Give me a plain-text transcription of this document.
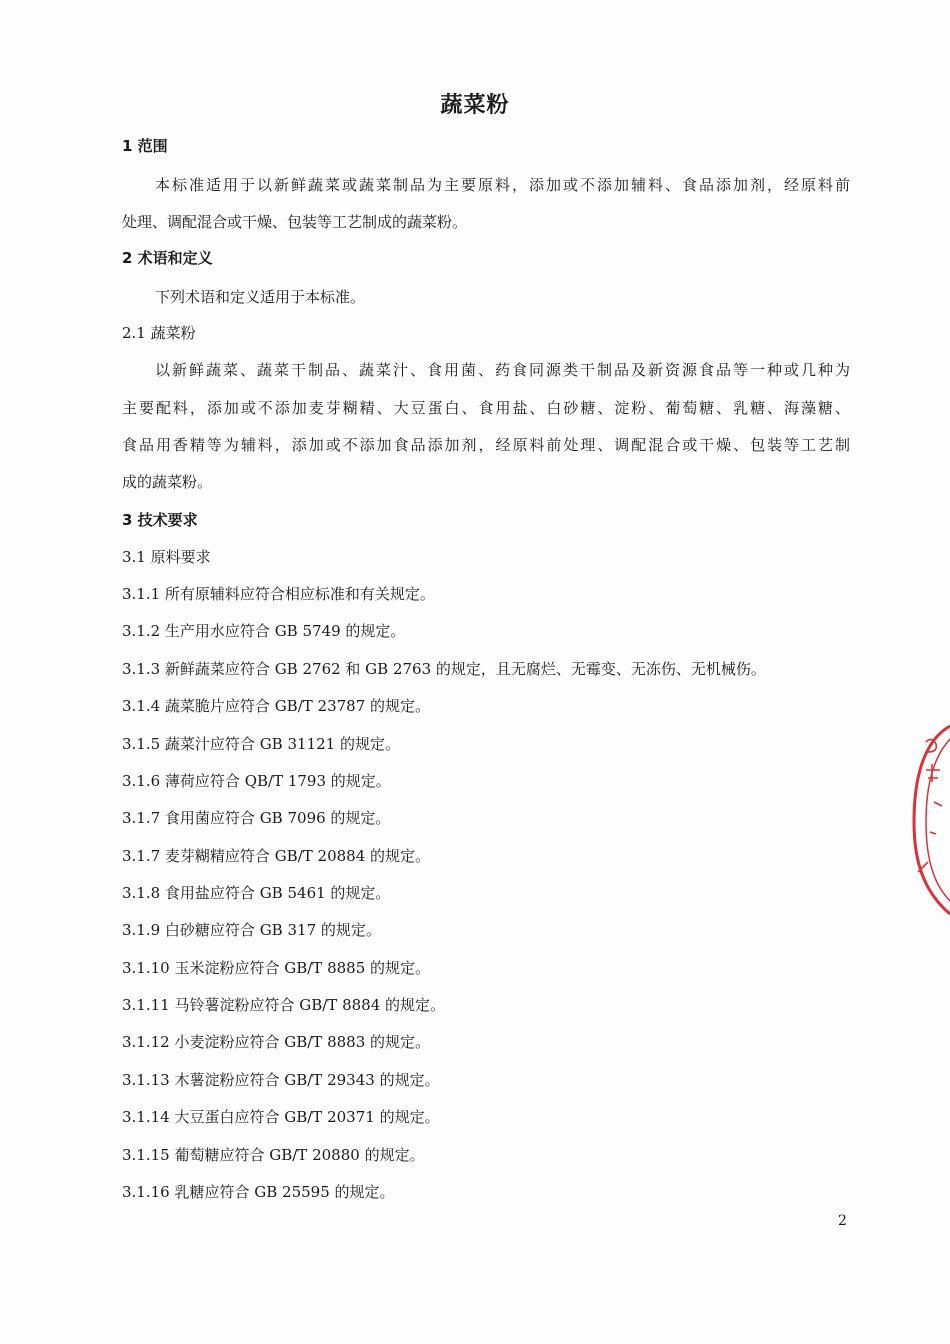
蔬菜粉
1 范围
本标准适用于以新鲜蔬菜或蔬菜制品为主要原料，添加或不添加辅料、食品添加剂，经原料前
处理、调配混合或干燥、包装等工艺制成的蔬菜粉。
2 术语和定义
下列术语和定义适用于本标准。
2.1 蔬菜粉
以新鲜蔬菜、蔬菜干制品、蔬菜汁、食用菌、药食同源类干制品及新资源食品等一种或几种为
主要配料，添加或不添加麦芽糊精、大豆蛋白、食用盐、白砂糖、淀粉、葡萄糖、乳糖、海藻糖、
食品用香精等为辅料，添加或不添加食品添加剂，经原料前处理、调配混合或干燥、包装等工艺制
成的蔬菜粉。
3 技术要求
3.1 原料要求
3.1.1 所有原辅料应符合相应标准和有关规定。
3.1.2 生产用水应符合 GB 5749 的规定。
3.1.3 新鲜蔬菜应符合 GB 2762 和 GB 2763 的规定，且无腐烂、无霉变、无冻伤、无机械伤。
3.1.4 蔬菜脆片应符合 GB/T 23787 的规定。
3.1.5 蔬菜汁应符合 GB 31121 的规定。
3.1.6 薄荷应符合 QB/T 1793 的规定。
3.1.7 食用菌应符合 GB 7096 的规定。
3.1.7 麦芽糊精应符合 GB/T 20884 的规定。
3.1.8 食用盐应符合 GB 5461 的规定。
3.1.9 白砂糖应符合 GB 317 的规定。
3.1.10 玉米淀粉应符合 GB/T 8885 的规定。
3.1.11 马铃薯淀粉应符合 GB/T 8884 的规定。
3.1.12 小麦淀粉应符合 GB/T 8883 的规定。
3.1.13 木薯淀粉应符合 GB/T 29343 的规定。
3.1.14 大豆蛋白应符合 GB/T 20371 的规定。
3.1.15 葡萄糖应符合 GB/T 20880 的规定。
3.1.16 乳糖应符合 GB 25595 的规定。
2
